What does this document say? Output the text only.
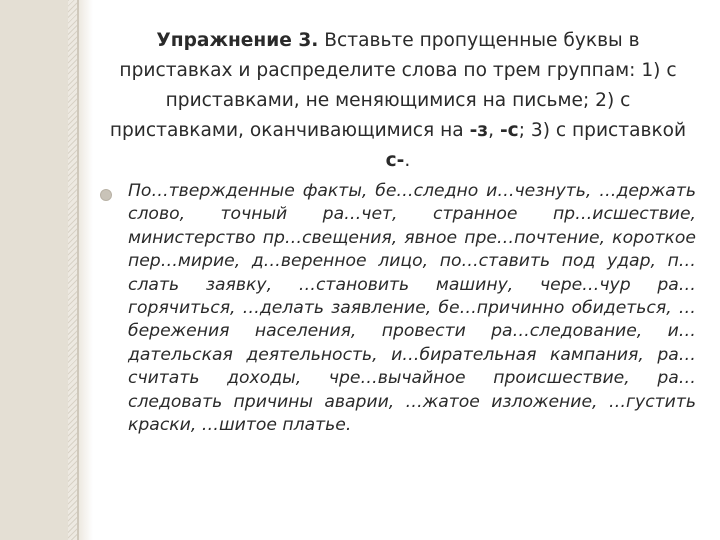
Упражнение 3. Вставьте пропущенные буквы в приставках и распределите слова по трем группам: 1) с приставками, не меняющимися на письме; 2) с приставками, оканчивающимися на -з, -с; 3) с приставкой с-.

По…твержденные факты, бе…следно и…чезнуть, …держать слово, точный ра…чет, странное пр…исшествие, министерство пр…свещения, явное пре…почтение, короткое пер…мирие, д…веренное лицо, по…ставить под удар, п…слать заявку, …становить машину, чере…чур ра…горячиться, …делать заявление, бе…причинно обидеться, …бережения населения, провести ра…следование, и…дательская деятельность, и…бирательная кампания, ра…считать доходы, чре…вычайное происшествие, ра…следовать причины аварии, …жатое изложение, …густить краски, …шитое платье.
